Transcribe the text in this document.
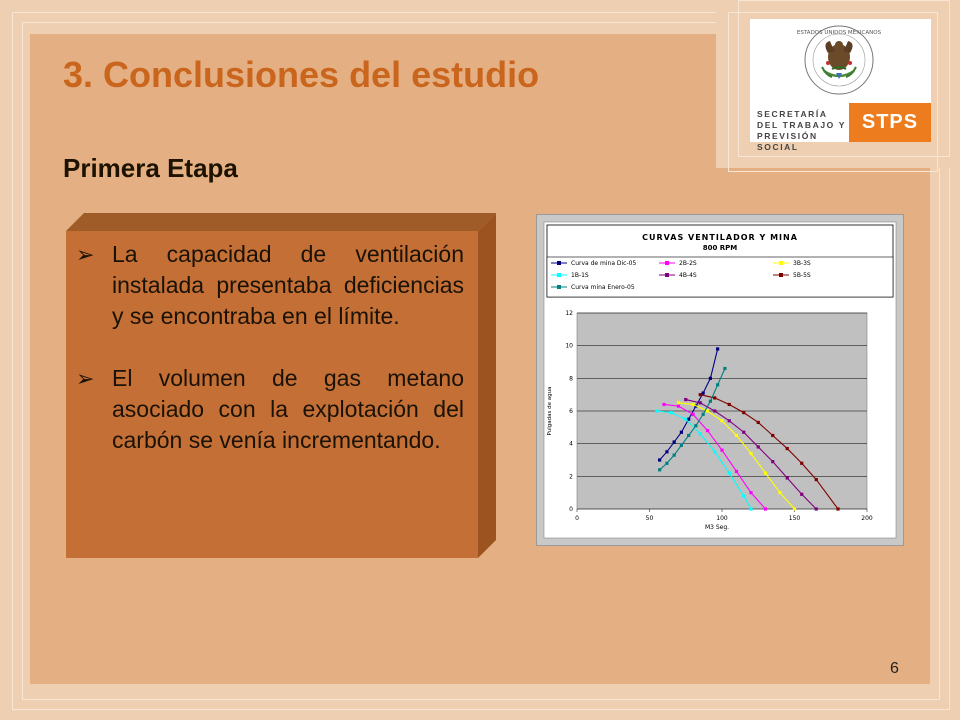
ESTADOS UNIDOS MEXICANOS
SECRETARÍA
DEL TRABAJO Y
PREVISIÓN SOCIAL
STPS
3. Conclusiones del estudio
Primera Etapa
➢ La capacidad de ventilación instalada presentaba deficiencias y se encontraba en el límite.
➢ El volumen de gas metano asociado con la explotación del carbón se venía incrementando.
CURVAS VENTILADOR Y MINA
800 RPM
Curva de mina Dic-05	2B-2S	3B-3S
1B-1S	4B-4S	5B-5S
Curva mina Enero-05
0
2
4
6
8
10
12
0	50	100	150	200
M3 Seg.
Pulgadas de agua
6
